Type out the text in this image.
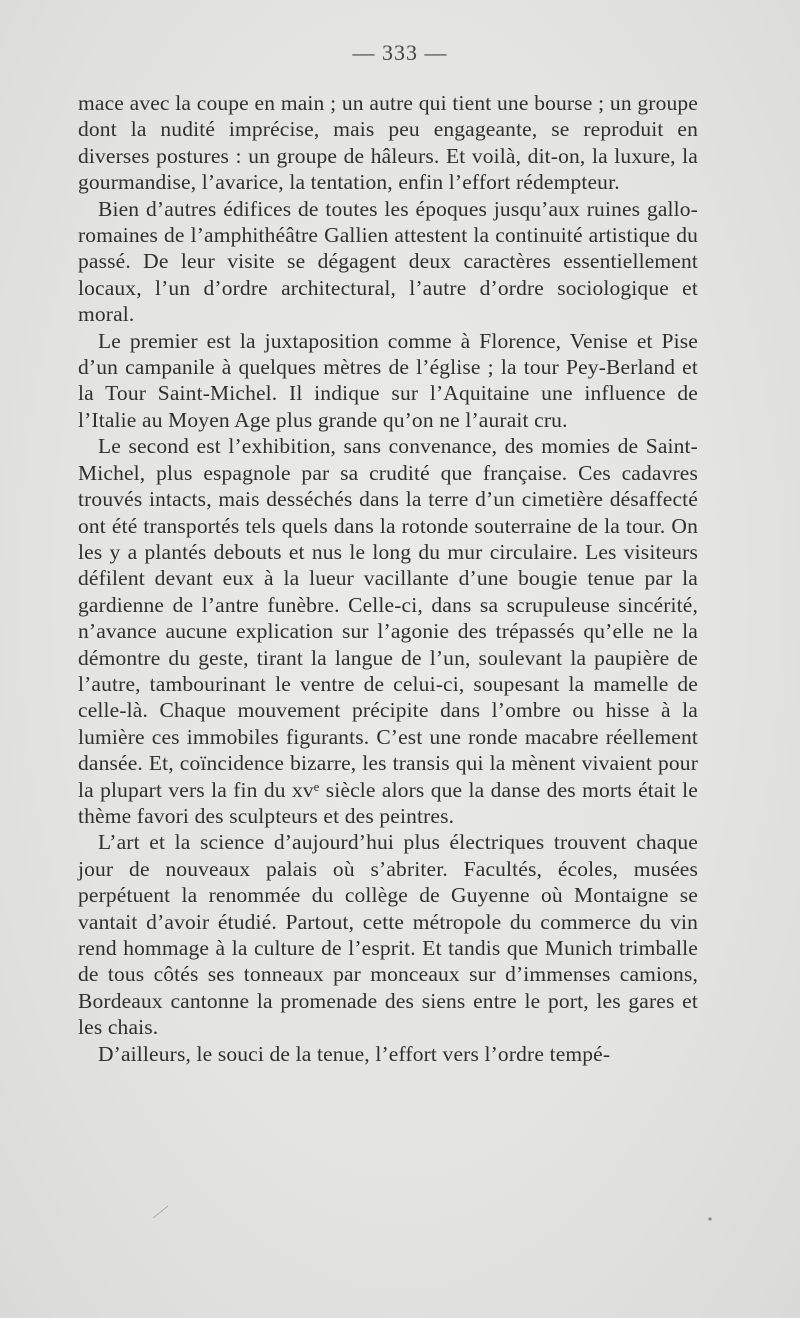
— 333 —

mace avec la coupe en main ; un autre qui tient une bourse ; un groupe dont la nudité imprécise, mais peu engageante, se reproduit en diverses postures : un groupe de hâleurs. Et voilà, dit-on, la luxure, la gourmandise, l’avarice, la tentation, enfin l’effort rédempteur.

Bien d’autres édifices de toutes les époques jusqu’aux ruines gallo-romaines de l’amphithéâtre Gallien attestent la continuité artistique du passé. De leur visite se dégagent deux caractères essentiellement locaux, l’un d’ordre architectural, l’autre d’ordre sociologique et moral.

Le premier est la juxtaposition comme à Florence, Venise et Pise d’un campanile à quelques mètres de l’église ; la tour Pey-Berland et la Tour Saint-Michel. Il indique sur l’Aquitaine une influence de l’Italie au Moyen Age plus grande qu’on ne l’aurait cru.

Le second est l’exhibition, sans convenance, des momies de Saint-Michel, plus espagnole par sa crudité que française. Ces cadavres trouvés intacts, mais desséchés dans la terre d’un cimetière désaffecté ont été transportés tels quels dans la rotonde souterraine de la tour. On les y a plantés debouts et nus le long du mur circulaire. Les visiteurs défilent devant eux à la lueur vacillante d’une bougie tenue par la gardienne de l’antre funèbre. Celle-ci, dans sa scrupuleuse sincérité, n’avance aucune explication sur l’agonie des trépassés qu’elle ne la démontre du geste, tirant la langue de l’un, soulevant la paupière de l’autre, tambourinant le ventre de celui-ci, soupesant la mamelle de celle-là. Chaque mouvement précipite dans l’ombre ou hisse à la lumière ces immobiles figurants. C’est une ronde macabre réellement dansée. Et, coïncidence bizarre, les transis qui la mènent vivaient pour la plupart vers la fin du xvᵉ siècle alors que la danse des morts était le thème favori des sculpteurs et des peintres.

L’art et la science d’aujourd’hui plus électriques trouvent chaque jour de nouveaux palais où s’abriter. Facultés, écoles, musées perpétuent la renommée du collège de Guyenne où Montaigne se vantait d’avoir étudié. Partout, cette métropole du commerce du vin rend hommage à la culture de l’esprit. Et tandis que Munich trimballe de tous côtés ses tonneaux par monceaux sur d’immenses camions, Bordeaux cantonne la promenade des siens entre le port, les gares et les chais.

D’ailleurs, le souci de la tenue, l’effort vers l’ordre tempé-
